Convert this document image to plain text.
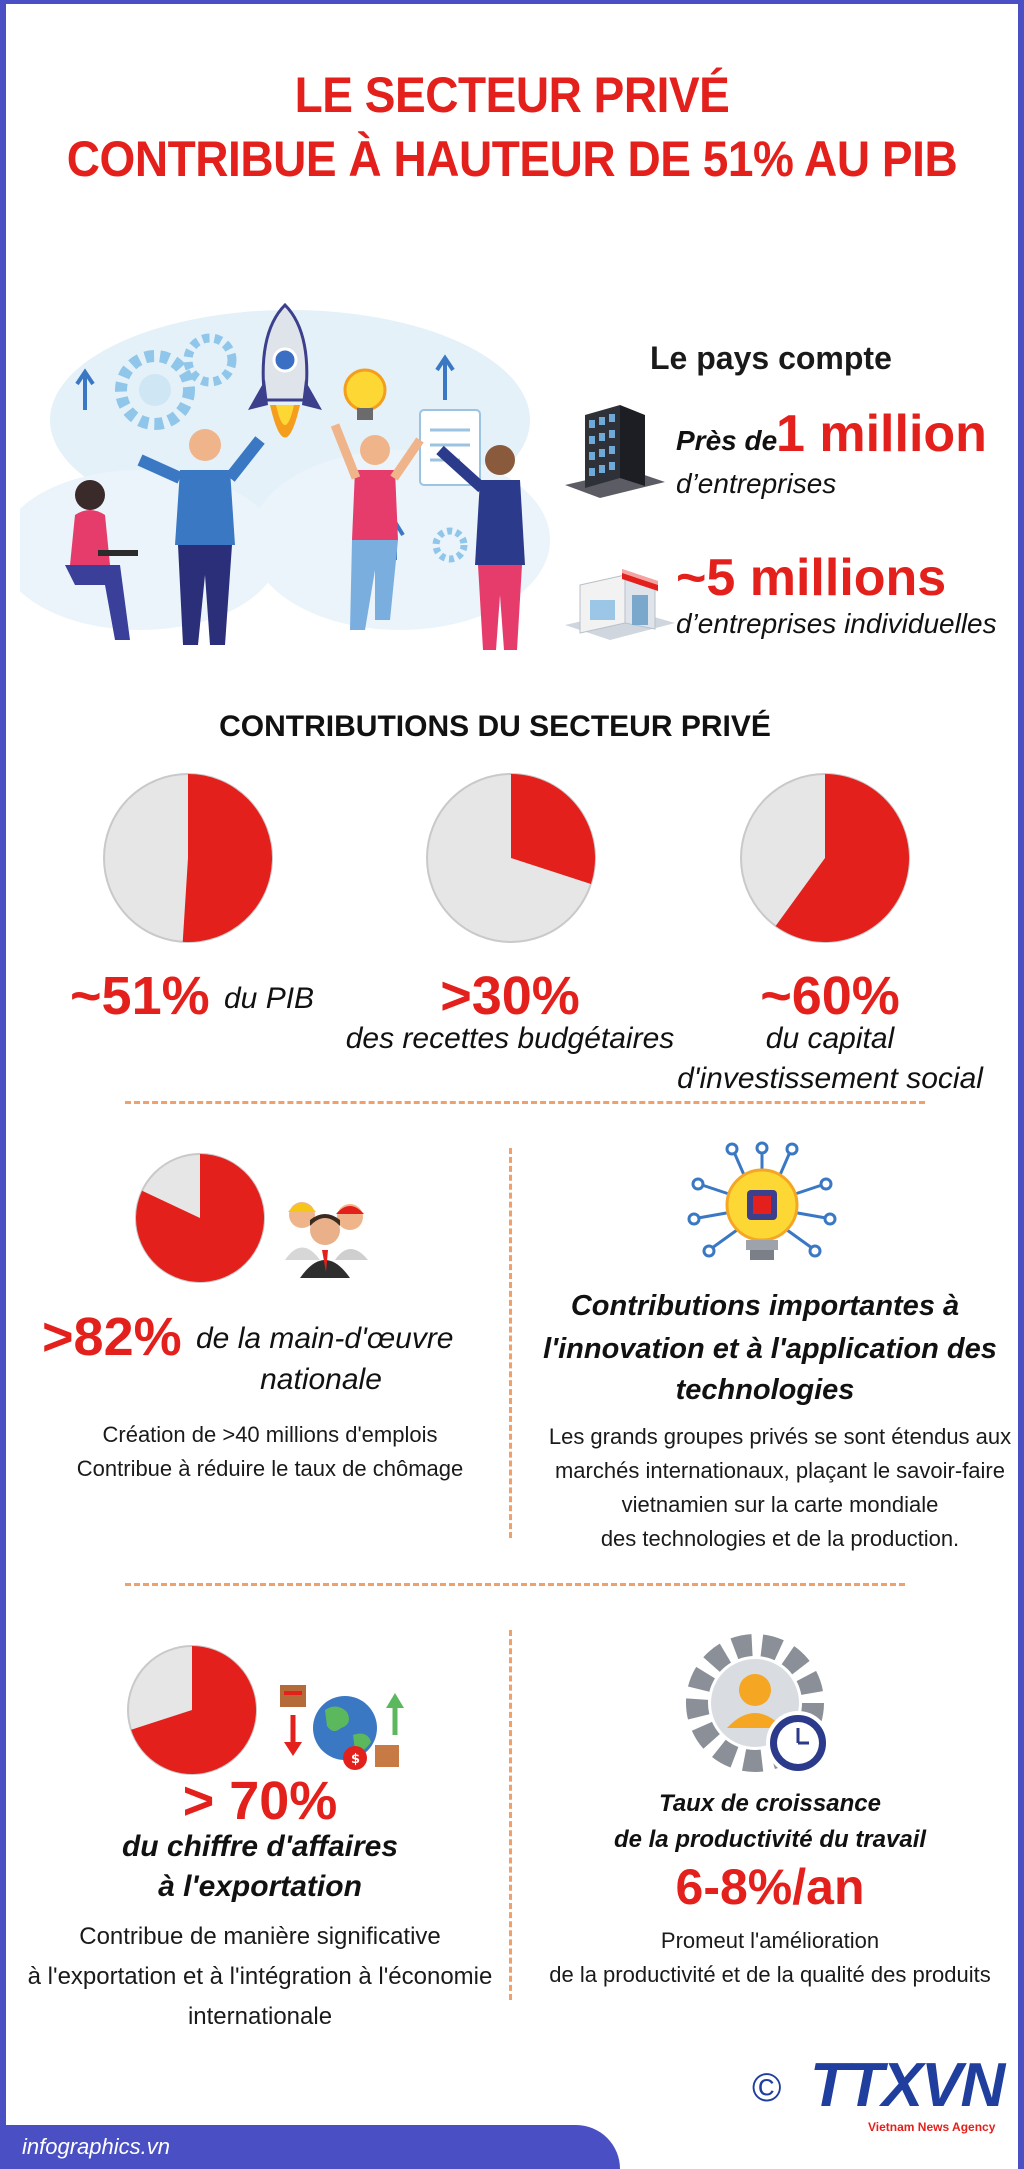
LE SECTEUR PRIVÉ
CONTRIBUE À HAUTEUR DE 51% AU PIB
Le pays compte
Près de
1 million
d’entreprises
~5 millions
d’entreprises individuelles
CONTRIBUTIONS DU SECTEUR PRIVÉ
~51% du PIB	>30%
des recettes budgétaires
~60%
du capital
d'investissement social
>82% de la main-d'œuvre
nationale
Création de >40 millions d'emplois
Contribue à réduire le taux de chômage
Contributions importantes à
l'innovation et à l'application des
technologies
Les grands groupes privés se sont étendus aux
marchés internationaux, plaçant le savoir-faire
vietnamien sur la carte mondiale
des technologies et de la production.
$
> 70%
du chiffre d'affaires
à l'exportation
Contribue de manière significative
à l'exportation et à l'intégration à l'économie
internationale
Taux de croissance
de la productivité du travail
6-8%/an
Promeut l'amélioration
de la productivité et de la qualité des produits
infographics.vn
© TTXVN
Vietnam News Agency
